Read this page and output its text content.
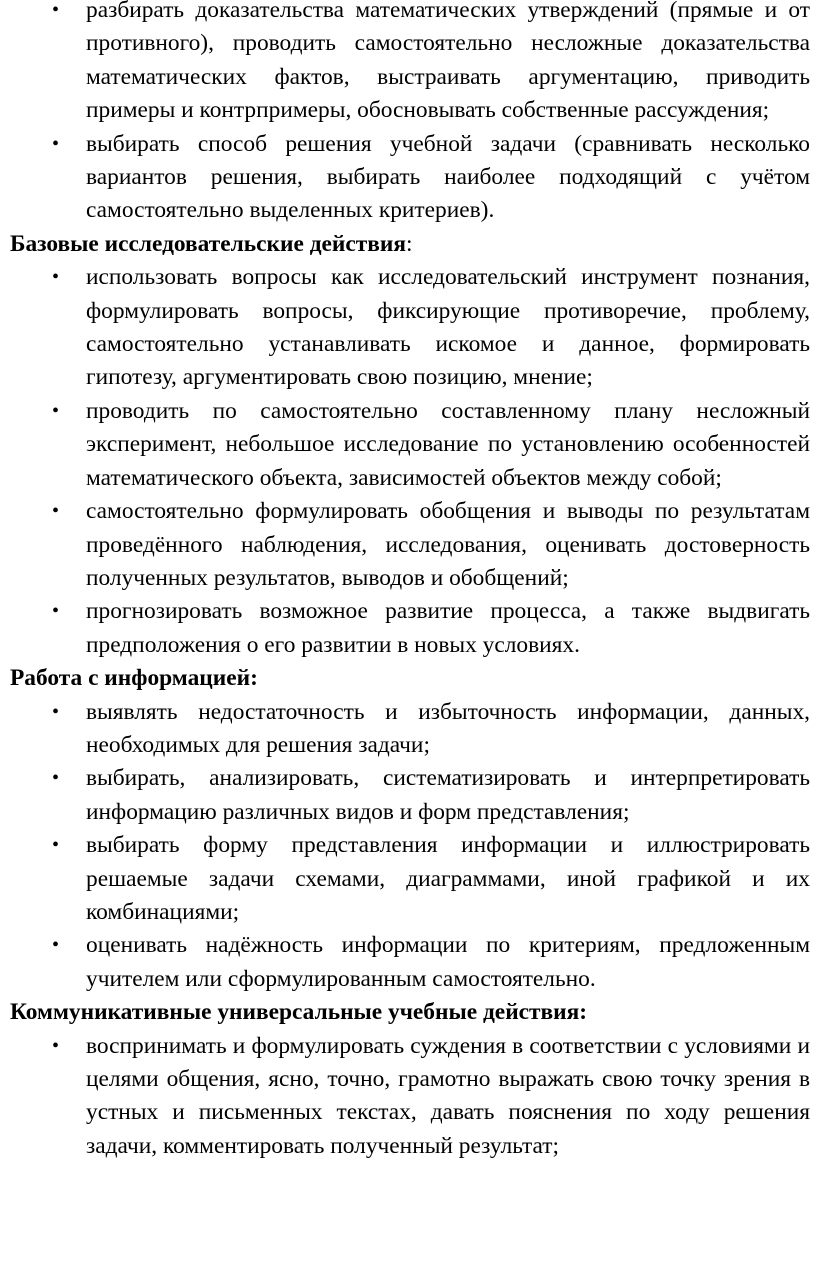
• разбирать доказательства математических утверждений (прямые и от противного), проводить самостоятельно несложные доказательства математических фактов, выстраивать аргументацию, приводить примеры и контрпримеры, обосновывать собственные рассуждения;
• выбирать способ решения учебной задачи (сравнивать несколько вариантов решения, выбирать наиболее подходящий с учётом самостоятельно выделенных критериев).

Базовые исследовательские действия:

• использовать вопросы как исследовательский инструмент познания, формулировать вопросы, фиксирующие противоречие, проблему, самостоятельно устанавливать искомое и данное, формировать гипотезу, аргументировать свою позицию, мнение;
• проводить по самостоятельно составленному плану несложный эксперимент, небольшое исследование по установлению особенностей математического объекта, зависимостей объектов между собой;
• самостоятельно формулировать обобщения и выводы по результатам проведённого наблюдения, исследования, оценивать достоверность полученных результатов, выводов и обобщений;
• прогнозировать возможное развитие процесса, а также выдвигать предположения о его развитии в новых условиях.

Работа с информацией:

• выявлять недостаточность и избыточность информации, данных, необходимых для решения задачи;
• выбирать, анализировать, систематизировать и интерпретировать информацию различных видов и форм представления;
• выбирать форму представления информации и иллюстрировать решаемые задачи схемами, диаграммами, иной графикой и их комбинациями;
• оценивать надёжность информации по критериям, предложенным учителем или сформулированным самостоятельно.

Коммуникативные универсальные учебные действия:

• воспринимать и формулировать суждения в соответствии с условиями и целями общения, ясно, точно, грамотно выражать свою точку зрения в устных и письменных текстах, давать пояснения по ходу решения задачи, комментировать полученный результат;
